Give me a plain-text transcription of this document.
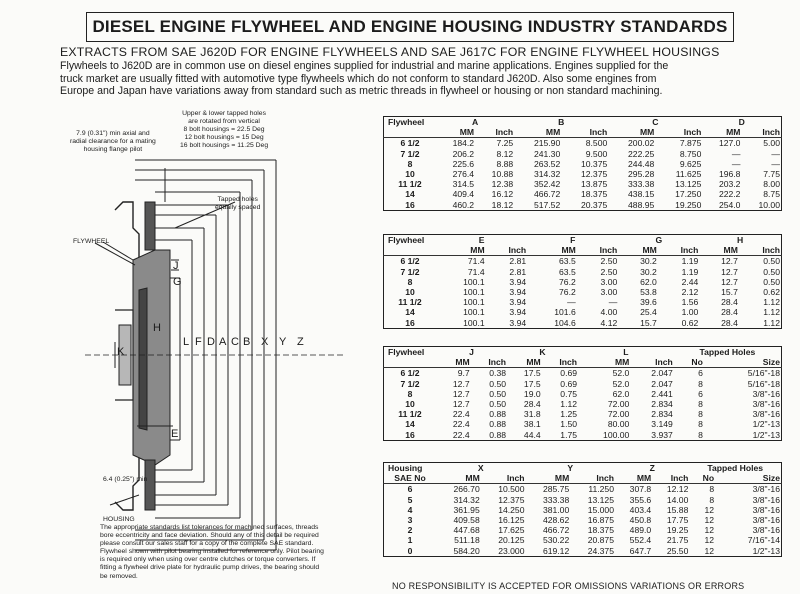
DIESEL ENGINE FLYWHEEL AND ENGINE HOUSING INDUSTRY STANDARDS
EXTRACTS FROM SAE J620D FOR ENGINE FLYWHEELS AND SAE J617C FOR ENGINE FLYWHEEL HOUSINGS
Flywheels to J620D are in common use on diesel engines supplied for industrial and marine applications. Engines supplied for the
truck market are usually fitted with automotive type flywheels which do not conform to standard J620D. Also some engines from
Europe and Japan have variations away from standard such as metric threads in flywheel or housing or non standard machining.
7.9 (0.31") min axial and
radial clearance for a mating
housing flange pilot
Upper & lower tapped holes
are rotated from vertical
8 bolt housings = 22.5 Deg
12 bolt housings = 15 Deg
16 bolt housings = 11.25 Deg
Tapped holes
equally spaced
FLYWHEEL
HOUSING
6.4 (0.25") min
J
G
H
L F D A C B X Y Z
K
E
The appropriate standards list tolerances for machined surfaces, threads
bore eccentricity and face deviation. Should any of this detail be required
please consult our sales staff for a copy of the complete SAE standard.
Flywheel shown with pilot bearing installed for reference only. Pilot bearing
is required only when using over centre clutches or torque converters. If
fitting a flywheel drive plate for hydraulic pump drives, the bearing should
be removed.
Flywheel	A		B		C		D	
	MM	Inch	MM	Inch	MM	Inch	MM	Inch
6 1/2	184.2	7.25	215.90	8.500	200.02	7.875	127.0	5.00
7 1/2	206.2	8.12	241.30	9.500	222.25	8.750	—	—
8	225.6	8.88	263.52	10.375	244.48	9.625	—	—
10	276.4	10.88	314.32	12.375	295.28	11.625	196.8	7.75
11 1/2	314.5	12.38	352.42	13.875	333.38	13.125	203.2	8.00
14	409.4	16.12	466.72	18.375	438.15	17.250	222.2	8.75
16	460.2	18.12	517.52	20.375	488.95	19.250	254.0	10.00
Flywheel	E		F		G		H	
	MM	Inch	MM	Inch	MM	Inch	MM	Inch
6 1/2	71.4	2.81	63.5	2.50	30.2	1.19	12.7	0.50
7 1/2	71.4	2.81	63.5	2.50	30.2	1.19	12.7	0.50
8	100.1	3.94	76.2	3.00	62.0	2.44	12.7	0.50
10	100.1	3.94	76.2	3.00	53.8	2.12	15.7	0.62
11 1/2	100.1	3.94	—	—	39.6	1.56	28.4	1.12
14	100.1	3.94	101.6	4.00	25.4	1.00	28.4	1.12
16	100.1	3.94	104.6	4.12	15.7	0.62	28.4	1.12
Flywheel	J		K		L		Tapped Holes	
	MM	Inch	MM	Inch	MM	Inch	No	Size
6 1/2	9.7	0.38	17.5	0.69	52.0	2.047	6	5/16"-18
7 1/2	12.7	0.50	17.5	0.69	52.0	2.047	8	5/16"-18
8	12.7	0.50	19.0	0.75	62.0	2.441	6	3/8"-16
10	12.7	0.50	28.4	1.12	72.00	2.834	8	3/8"-16
11 1/2	22.4	0.88	31.8	1.25	72.00	2.834	8	3/8"-16
14	22.4	0.88	38.1	1.50	80.00	3.149	8	1/2"-13
16	22.4	0.88	44.4	1.75	100.00	3.937	8	1/2"-13
Housing	X		Y		Z		Tapped Holes	
SAE No	MM	Inch	MM	Inch	MM	Inch	No	Size
6	266.70	10.500	285.75	11.250	307.8	12.12	8	3/8"-16
5	314.32	12.375	333.38	13.125	355.6	14.00	8	3/8"-16
4	361.95	14.250	381.00	15.000	403.4	15.88	12	3/8"-16
3	409.58	16.125	428.62	16.875	450.8	17.75	12	3/8"-16
2	447.68	17.625	466.72	18.375	489.0	19.25	12	3/8"-16
1	511.18	20.125	530.22	20.875	552.4	21.75	12	7/16"-14
0	584.20	23.000	619.12	24.375	647.7	25.50	12	1/2"-13
NO RESPONSIBILITY IS ACCEPTED FOR OMISSIONS VARIATIONS OR ERRORS
